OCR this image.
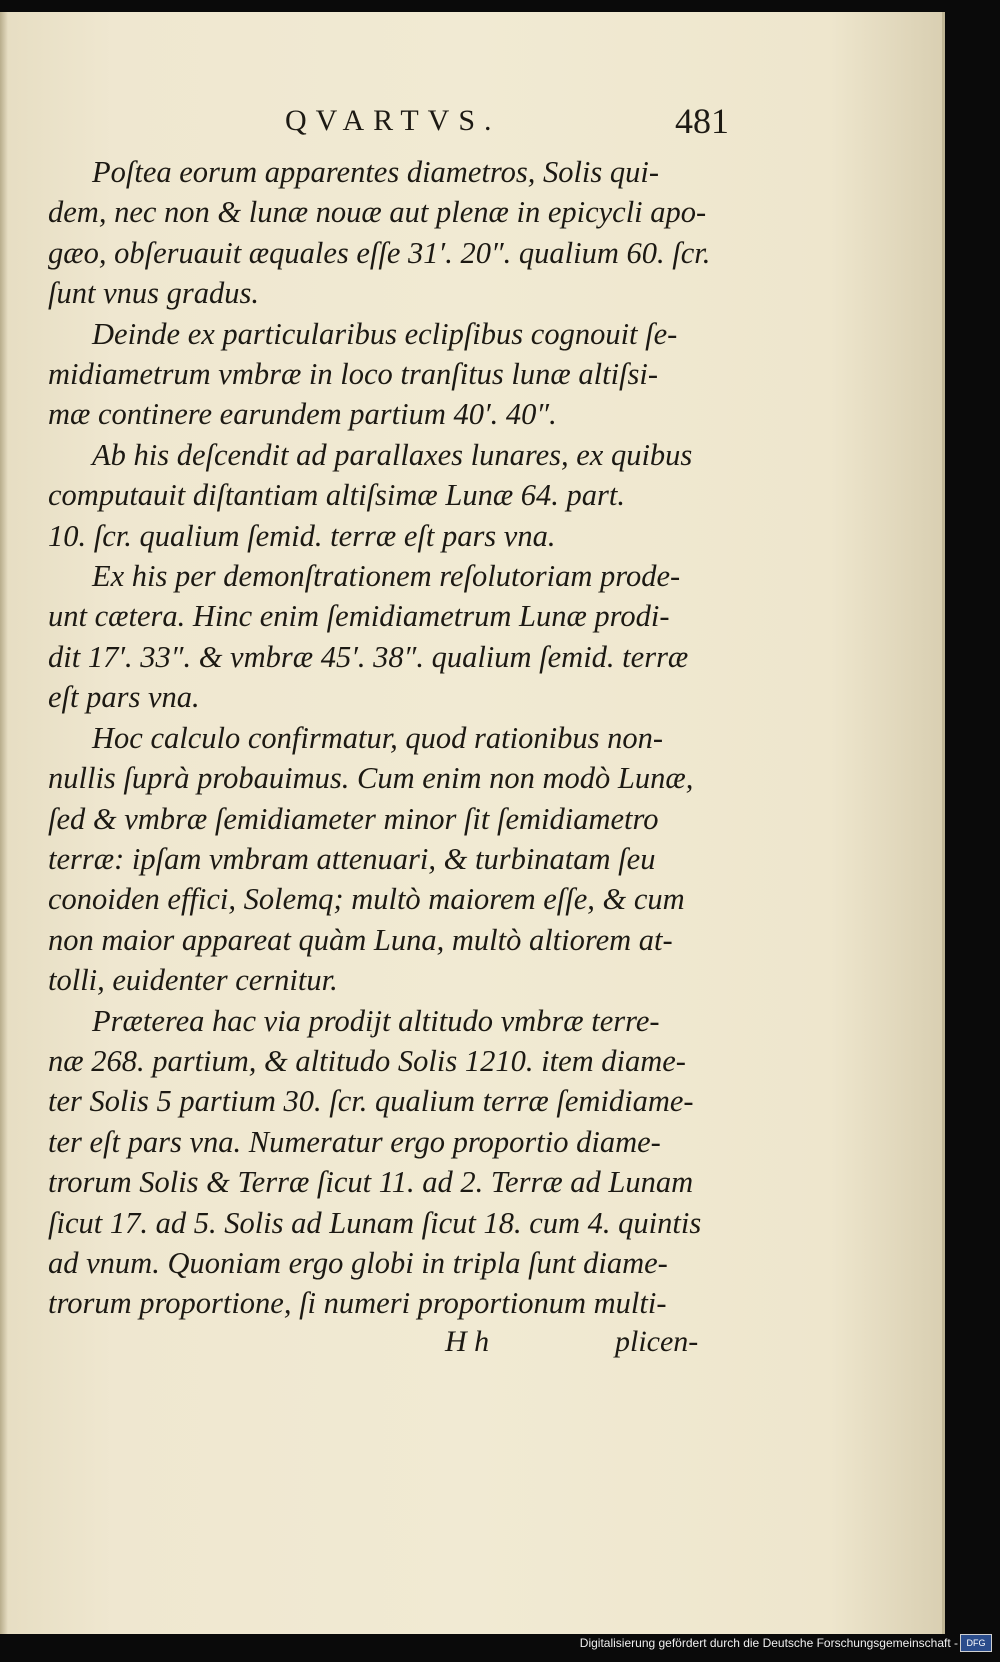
QVARTVS.	481

Poſtea eorum apparentes diametros, Solis qui-
dem, nec non & lunæ nouæ aut plenæ in epicycli apo-
gæo, obſeruauit æquales eſſe 31′. 20″. qualium 60. ſcr.
ſunt vnus gradus.

Deinde ex particularibus eclipſibus cognouit ſe-
midiametrum vmbræ in loco tranſitus lunæ altiſsi-
mæ continere earundem partium 40′. 40″.

Ab his deſcendit ad parallaxes lunares, ex quibus
computauit diſtantiam altiſsimæ Lunæ 64. part.
10. ſcr. qualium ſemid. terræ eſt pars vna.

Ex his per demonſtrationem reſolutoriam prode-
unt cætera. Hinc enim ſemidiametrum Lunæ prodi-
dit 17′. 33″. & vmbræ 45′. 38″. qualium ſemid. terræ
eſt pars vna.

Hoc calculo confirmatur, quod rationibus non-
nullis ſuprà probauimus. Cum enim non modò Lunæ,
ſed & vmbræ ſemidiameter minor ſit ſemidiametro
terræ: ipſam vmbram attenuari, & turbinatam ſeu
conoiden effici, Solemq; multò maiorem eſſe, & cum
non maior appareat quàm Luna, multò altiorem at-
tolli, euidenter cernitur.

Præterea hac via prodijt altitudo vmbræ terre-
næ 268. partium, & altitudo Solis 1210. item diame-
ter Solis 5 partium 30. ſcr. qualium terræ ſemidiame-
ter eſt pars vna. Numeratur ergo proportio diame-
trorum Solis & Terræ ſicut 11. ad 2. Terræ ad Lunam
ſicut 17. ad 5. Solis ad Lunam ſicut 18. cum 4. quintis
ad vnum. Quoniam ergo globi in tripla ſunt diame-
trorum proportione, ſi numeri proportionum multi-

H h	plicen-
Digitalisierung gefördert durch die Deutsche Forschungsgemeinschaft - DFG
